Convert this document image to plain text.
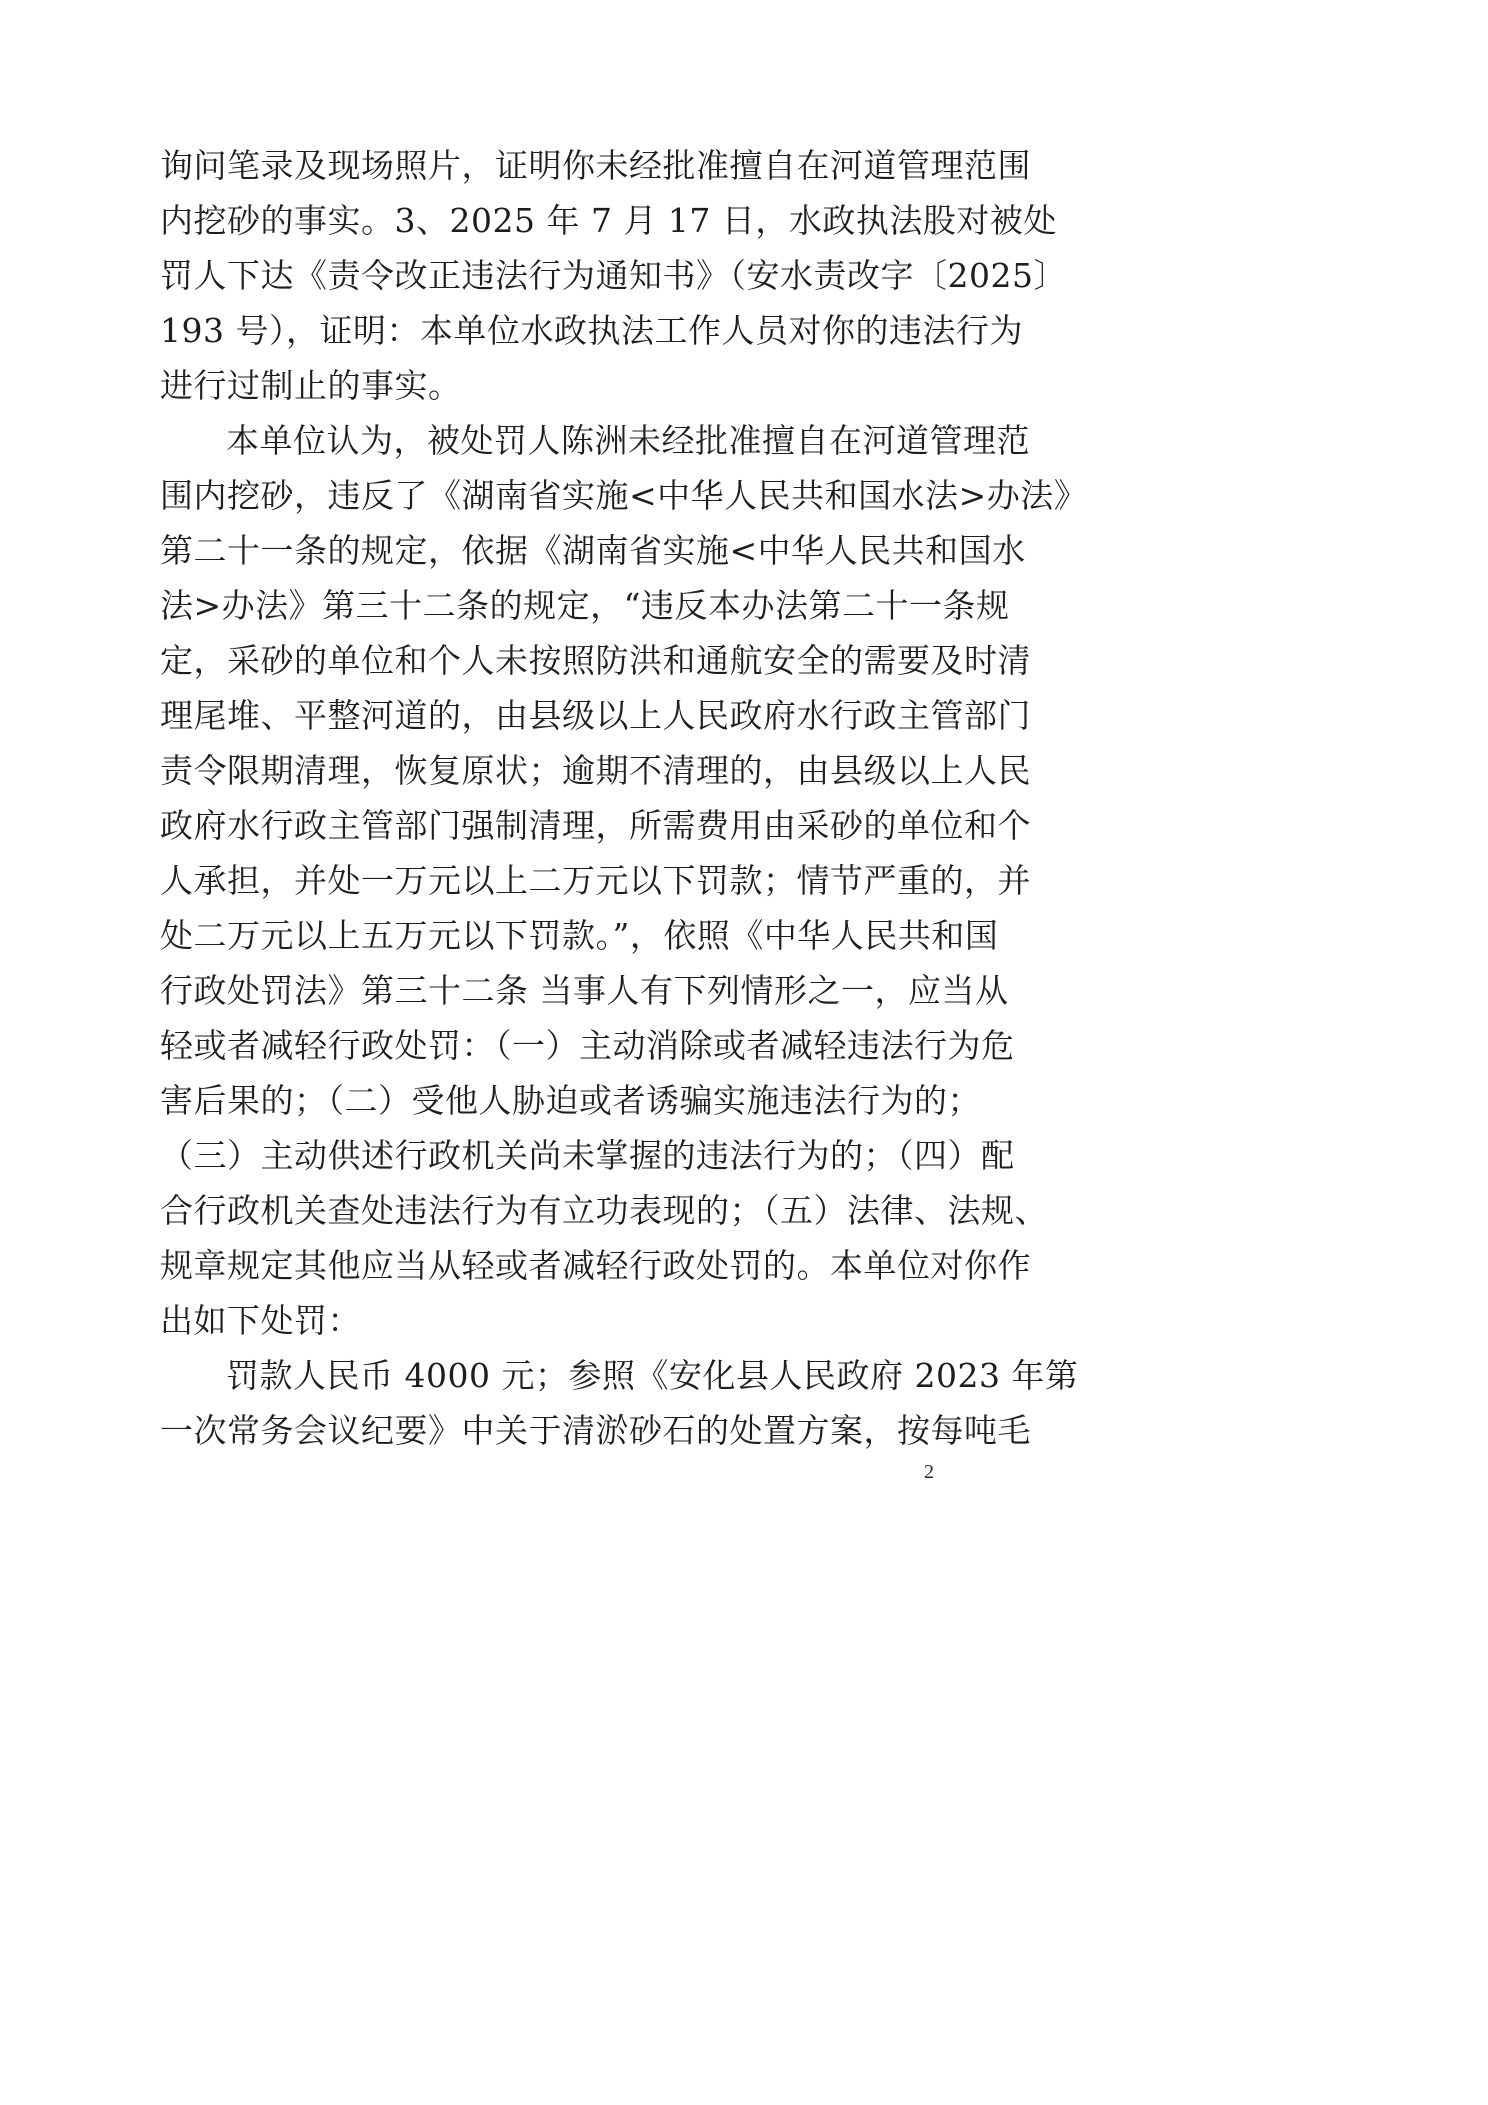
询问笔录及现场照片，证明你未经批准擅自在河道管理范围
内挖砂的事实。3、2025 年 7 月 17 日，水政执法股对被处
罚人下达《责令改正违法行为通知书》（安水责改字〔2025〕
193 号），证明：本单位水政执法工作人员对你的违法行为
进行过制止的事实。
本单位认为，被处罚人陈洲未经批准擅自在河道管理范
围内挖砂，违反了《湖南省实施<中华人民共和国水法>办法》
第二十一条的规定，依据《湖南省实施<中华人民共和国水
法>办法》第三十二条的规定，“违反本办法第二十一条规
定，采砂的单位和个人未按照防洪和通航安全的需要及时清
理尾堆、平整河道的，由县级以上人民政府水行政主管部门
责令限期清理，恢复原状；逾期不清理的，由县级以上人民
政府水行政主管部门强制清理，所需费用由采砂的单位和个
人承担，并处一万元以上二万元以下罚款；情节严重的，并
处二万元以上五万元以下罚款。”，依照《中华人民共和国
行政处罚法》第三十二条 当事人有下列情形之一，应当从
轻或者减轻行政处罚：（一）主动消除或者减轻违法行为危
害后果的；（二）受他人胁迫或者诱骗实施违法行为的；
（三）主动供述行政机关尚未掌握的违法行为的；（四）配
合行政机关查处违法行为有立功表现的；（五）法律、法规、
规章规定其他应当从轻或者减轻行政处罚的。本单位对你作
出如下处罚：
罚款人民币 4000 元；参照《安化县人民政府 2023 年第
一次常务会议纪要》中关于清淤砂石的处置方案，按每吨毛
2
